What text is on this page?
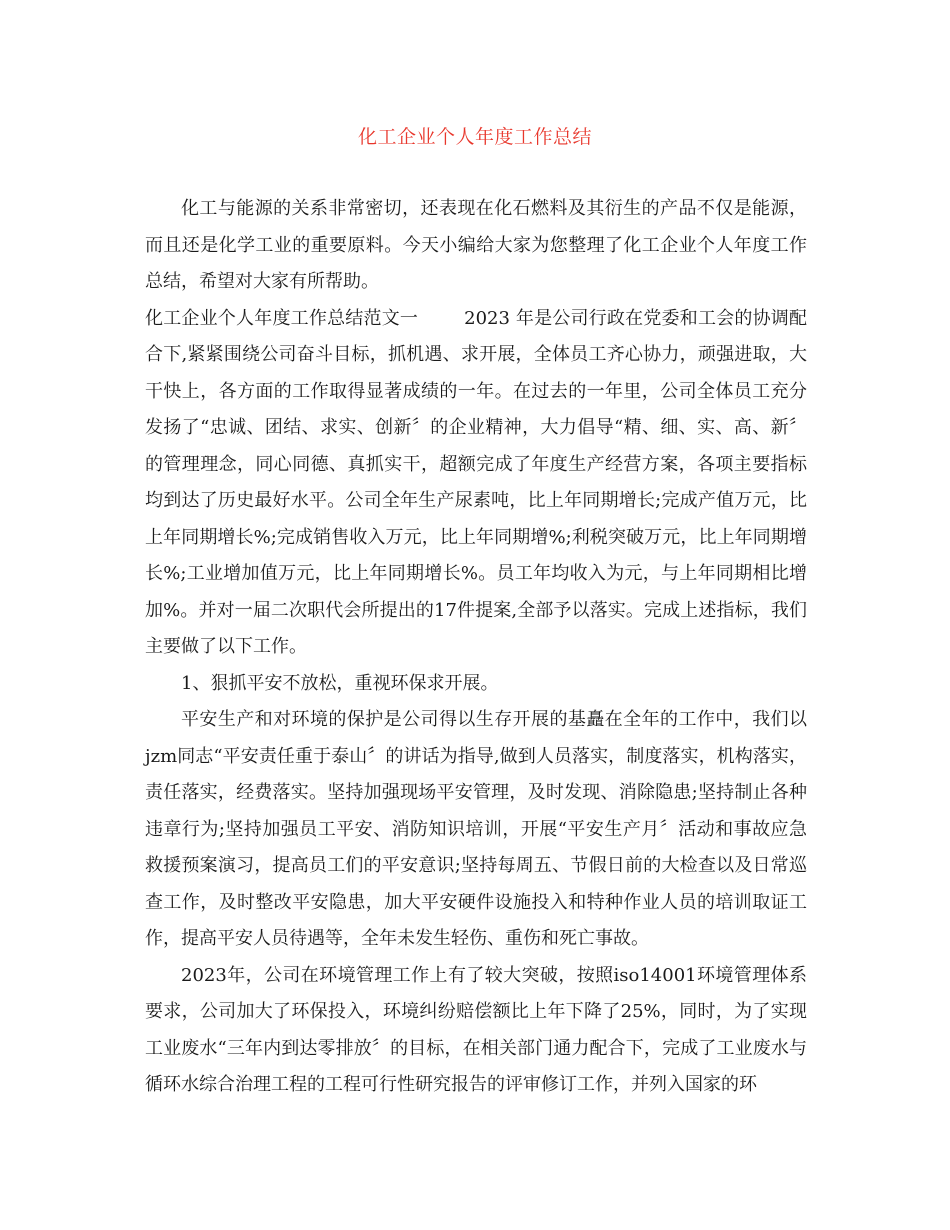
化工企业个人年度工作总结

化工与能源的关系非常密切，还表现在化石燃料及其衍生的产品不仅是能源，而且还是化学工业的重要原料。今天小编给大家为您整理了化工企业个人年度工作总结，希望对大家有所帮助。

化工企业个人年度工作总结范文一	2023 年是公司行政在党委和工会的协调配合下,紧紧围绕公司奋斗目标，抓机遇、求开展，全体员工齐心协力，顽强进取，大干快上，各方面的工作取得显著成绩的一年。在过去的一年里，公司全体员工充分发扬了“忠诚、团结、求实、创新〞的企业精神，大力倡导“精、细、实、高、新〞的管理理念，同心同德、真抓实干，超额完成了年度生产经营方案，各项主要指标均到达了历史最好水平。公司全年生产尿素吨，比上年同期增长;完成产值万元，比上年同期增长%;完成销售收入万元，比上年同期增%;利税突破万元，比上年同期增长%;工业增加值万元，比上年同期增长%。员工年均收入为元，与上年同期相比增加%。并对一届二次职代会所提出的17件提案,全部予以落实。完成上述指标，我们主要做了以下工作。

1、狠抓平安不放松，重视环保求开展。

平安生产和对环境的保护是公司得以生存开展的基矗在全年的工作中，我们以jzm同志“平安责任重于泰山〞的讲话为指导,做到人员落实，制度落实，机构落实，责任落实，经费落实。坚持加强现场平安管理，及时发现、消除隐患;坚持制止各种违章行为;坚持加强员工平安、消防知识培训，开展“平安生产月〞活动和事故应急救援预案演习，提高员工们的平安意识;坚持每周五、节假日前的大检查以及日常巡查工作，及时整改平安隐患，加大平安硬件设施投入和特种作业人员的培训取证工作，提高平安人员待遇等，全年未发生轻伤、重伤和死亡事故。

2023年，公司在环境管理工作上有了较大突破，按照iso14001环境管理体系要求，公司加大了环保投入，环境纠纷赔偿额比上年下降了25%，同时，为了实现工业废水“三年内到达零排放〞的目标，在相关部门通力配合下，完成了工业废水与循环水综合治理工程的工程可行性研究报告的评审修订工作，并列入国家的环
